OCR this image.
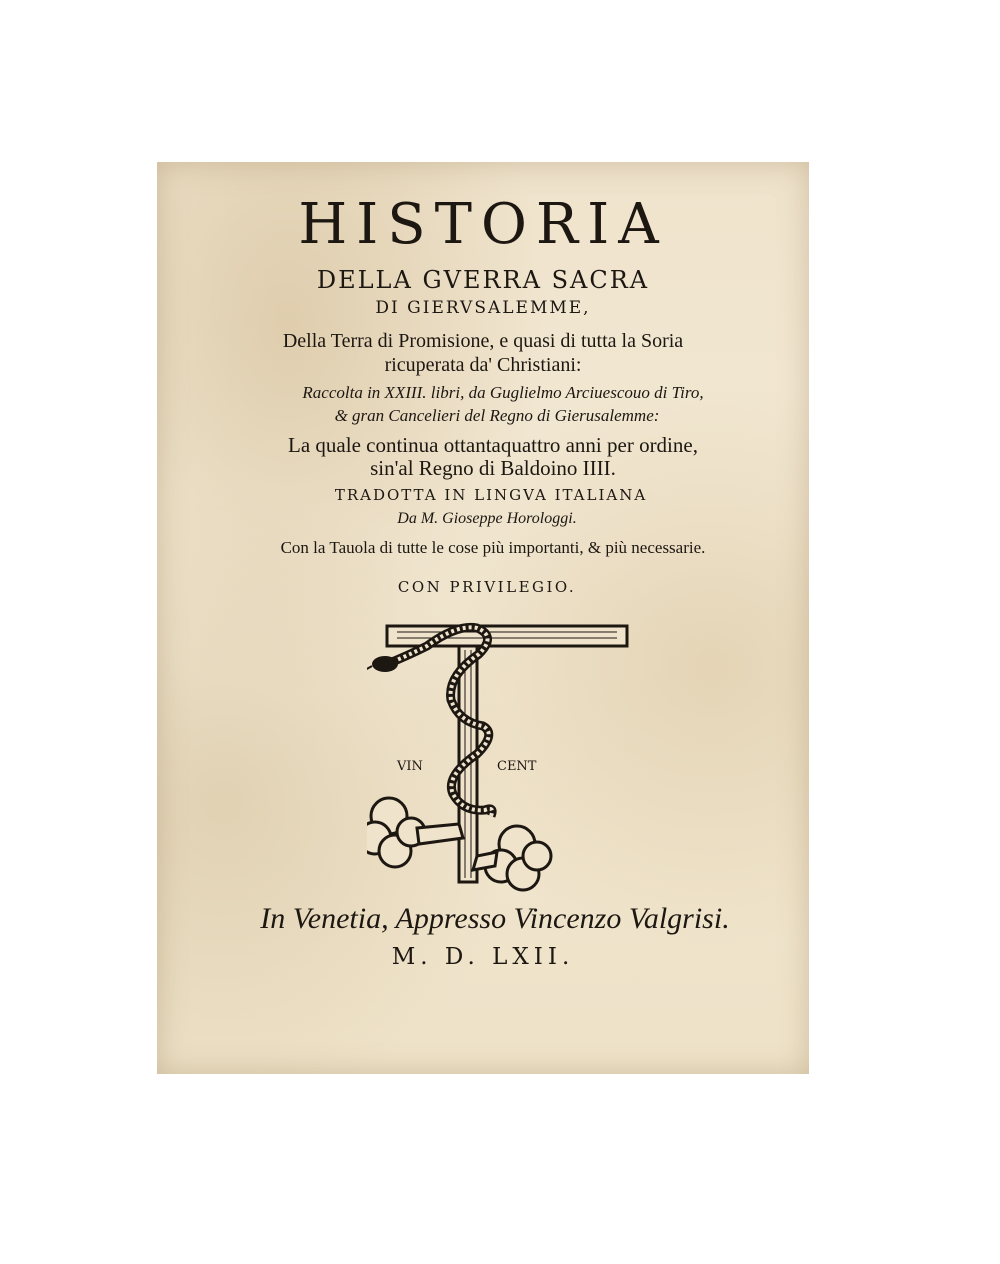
HISTORIA
DELLA GVERRA SACRA
DI GIERVSALEMME,
Della Terra di Promisione, e quasi di tutta la Soria
ricuperata da' Christiani:
Raccolta in XXIII. libri, da Guglielmo Arciuescouo di Tiro,
& gran Cancelieri del Regno di Gierusalemme:
La quale continua ottantaquattro anni per ordine,
sin'al Regno di Baldoino IIII.
TRADOTTA IN LINGVA ITALIANA
Da M. Gioseppe Horologgi.
Con la Tauola di tutte le cose più importanti, & più necessarie.
CON PRIVILEGIO.
VIN	CENT
In Venetia, Appresso Vincenzo Valgrisi.
M. D. LXII.
